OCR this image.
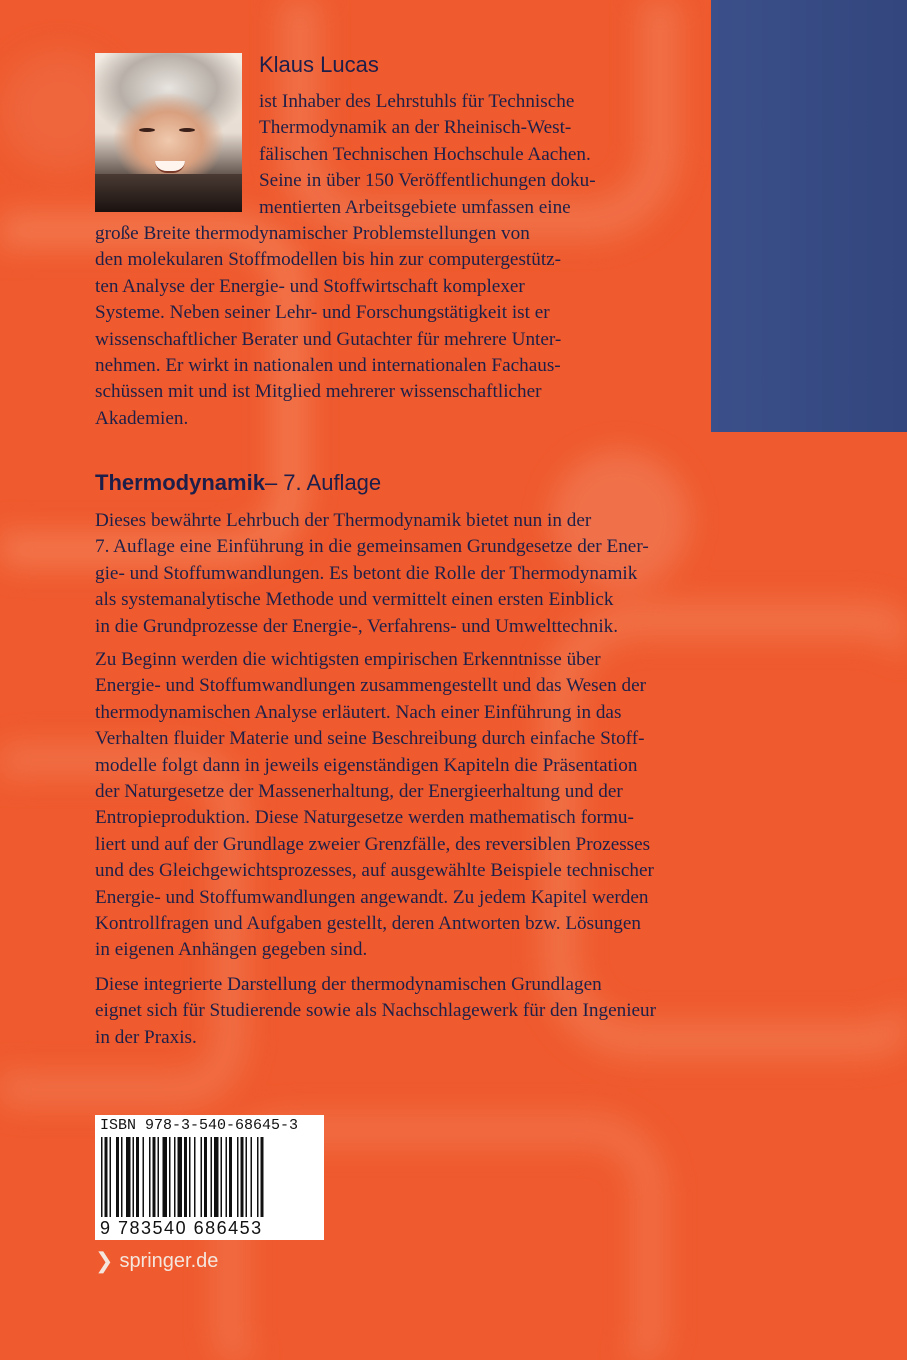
Klaus Lucas

ist Inhaber des Lehrstuhls für Technische
Thermodynamik an der Rheinisch-West-
fälischen Technischen Hochschule Aachen.
Seine in über 150 Veröffentlichungen doku-
mentierten Arbeitsgebiete umfassen eine

große Breite thermodynamischer Problemstellungen von
den molekularen Stoffmodellen bis hin zur computergestütz-
ten Analyse der Energie- und Stoffwirtschaft komplexer
Systeme. Neben seiner Lehr- und Forschungstätigkeit ist er
wissenschaftlicher Berater und Gutachter für mehrere Unter-
nehmen. Er wirkt in nationalen und internationalen Fachaus-
schüssen mit und ist Mitglied mehrerer wissenschaftlicher
Akademien.

Thermodynamik– 7. Auflage

Dieses bewährte Lehrbuch der Thermodynamik bietet nun in der
7. Auflage eine Einführung in die gemeinsamen Grundgesetze der Ener-
gie- und Stoffumwandlungen. Es betont die Rolle der Thermodynamik
als systemanalytische Methode und vermittelt einen ersten Einblick
in die Grundprozesse der Energie-, Verfahrens- und Umwelttechnik.

Zu Beginn werden die wichtigsten empirischen Erkenntnisse über
Energie- und Stoffumwandlungen zusammengestellt und das Wesen der
thermodynamischen Analyse erläutert. Nach einer Einführung in das
Verhalten fluider Materie und seine Beschreibung durch einfache Stoff-
modelle folgt dann in jeweils eigenständigen Kapiteln die Präsentation
der Naturgesetze der Massenerhaltung, der Energieerhaltung und der
Entropieproduktion. Diese Naturgesetze werden mathematisch formu-
liert und auf der Grundlage zweier Grenzfälle, des reversiblen Prozesses
und des Gleichgewichtsprozesses, auf ausgewählte Beispiele technischer
Energie- und Stoffumwandlungen angewandt. Zu jedem Kapitel werden
Kontrollfragen und Aufgaben gestellt, deren Antworten bzw. Lösungen
in eigenen Anhängen gegeben sind.

Diese integrierte Darstellung der thermodynamischen Grundlagen
eignet sich für Studierende sowie als Nachschlagewerk für den Ingenieur
in der Praxis.

ISBN 978-3-540-68645-3
9 783540 686453
❯ springer.de
